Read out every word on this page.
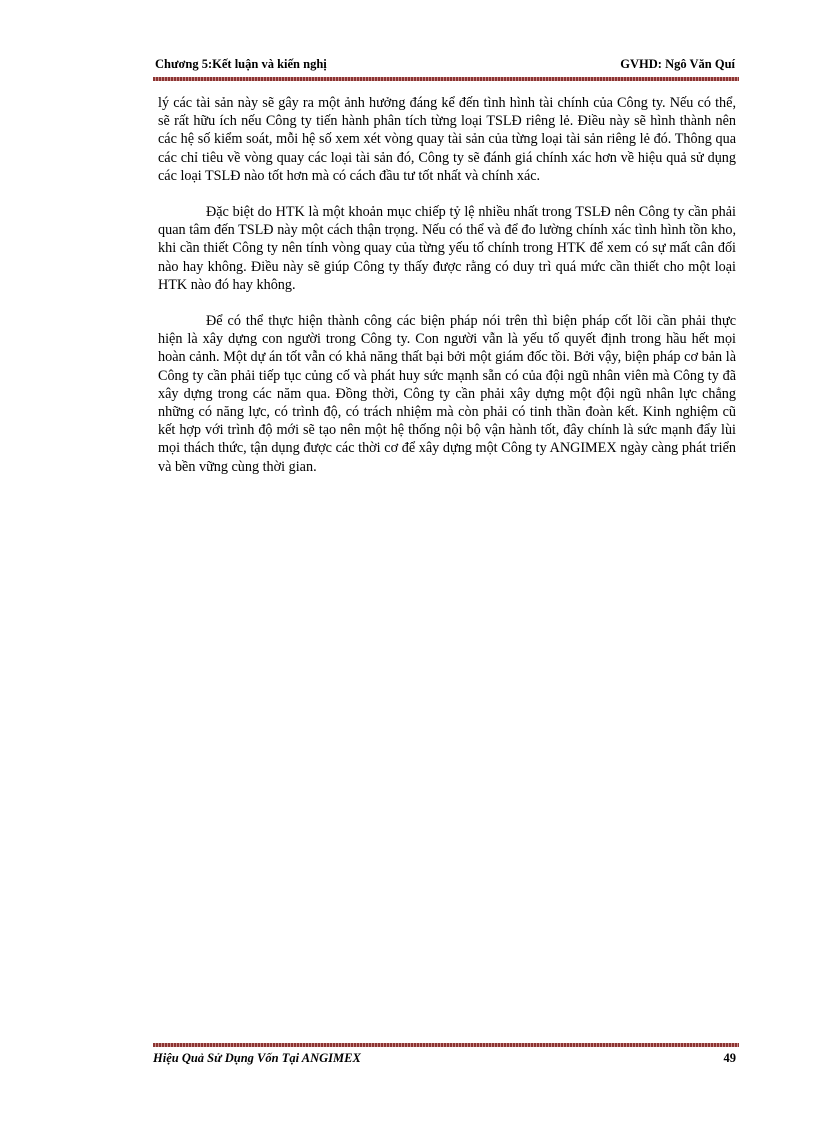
Chương 5:Kết luận và kiến nghị	GVHD: Ngô Văn Quí

lý các tài sản này sẽ gây ra một ảnh hưởng đáng kể đến tình hình tài chính của Công ty. Nếu có thể, sẽ rất hữu ích nếu Công ty tiến hành phân tích từng loại TSLĐ riêng lẻ. Điều này sẽ hình thành nên các hệ số kiểm soát, mỗi hệ số xem xét vòng quay tài sản của từng loại tài sản riêng lẻ đó. Thông qua các chỉ tiêu về vòng quay các loại tài sản đó, Công ty sẽ đánh giá chính xác hơn về hiệu quả sử dụng các loại TSLĐ nào tốt hơn mà có cách đầu tư tốt nhất và chính xác.

Đặc biệt do HTK là một khoản mục chiếp tỷ lệ nhiều nhất trong TSLĐ nên Công ty cần phải quan tâm đến TSLĐ này một cách thận trọng. Nếu có thể và để đo lường chính xác tình hình tồn kho, khi cần thiết Công ty nên tính vòng quay của từng yếu tố chính trong HTK để xem có sự mất cân đối nào hay không. Điều này sẽ giúp Công ty thấy được rằng có duy trì quá mức cần thiết cho một loại HTK nào đó hay không.

Để có thể thực hiện thành công các biện pháp nói trên thì biện pháp cốt lõi cần phải thực hiện là xây dựng con người trong Công ty. Con người vẫn là yếu tố quyết định trong hầu hết mọi hoàn cảnh. Một dự án tốt vẫn có khả năng thất bại bởi một giám đốc tồi. Bởi vậy, biện pháp cơ bản là Công ty cần phải tiếp tục củng cố và phát huy sức mạnh sẵn có của đội ngũ nhân viên mà Công ty đã xây dựng trong các năm qua. Đồng thời, Công ty cần phải xây dựng một đội ngũ nhân lực chẳng những có năng lực, có trình độ, có trách nhiệm mà còn phải có tinh thần đoàn kết. Kinh nghiệm cũ kết hợp với trình độ mới sẽ tạo nên một hệ thống nội bộ vận hành tốt, đây chính là sức mạnh đẩy lùi mọi thách thức, tận dụng được các thời cơ để xây dựng một Công ty ANGIMEX ngày càng phát triển và bền vững cùng thời gian.

Hiệu Quả Sử Dụng Vốn Tại ANGIMEX	49
